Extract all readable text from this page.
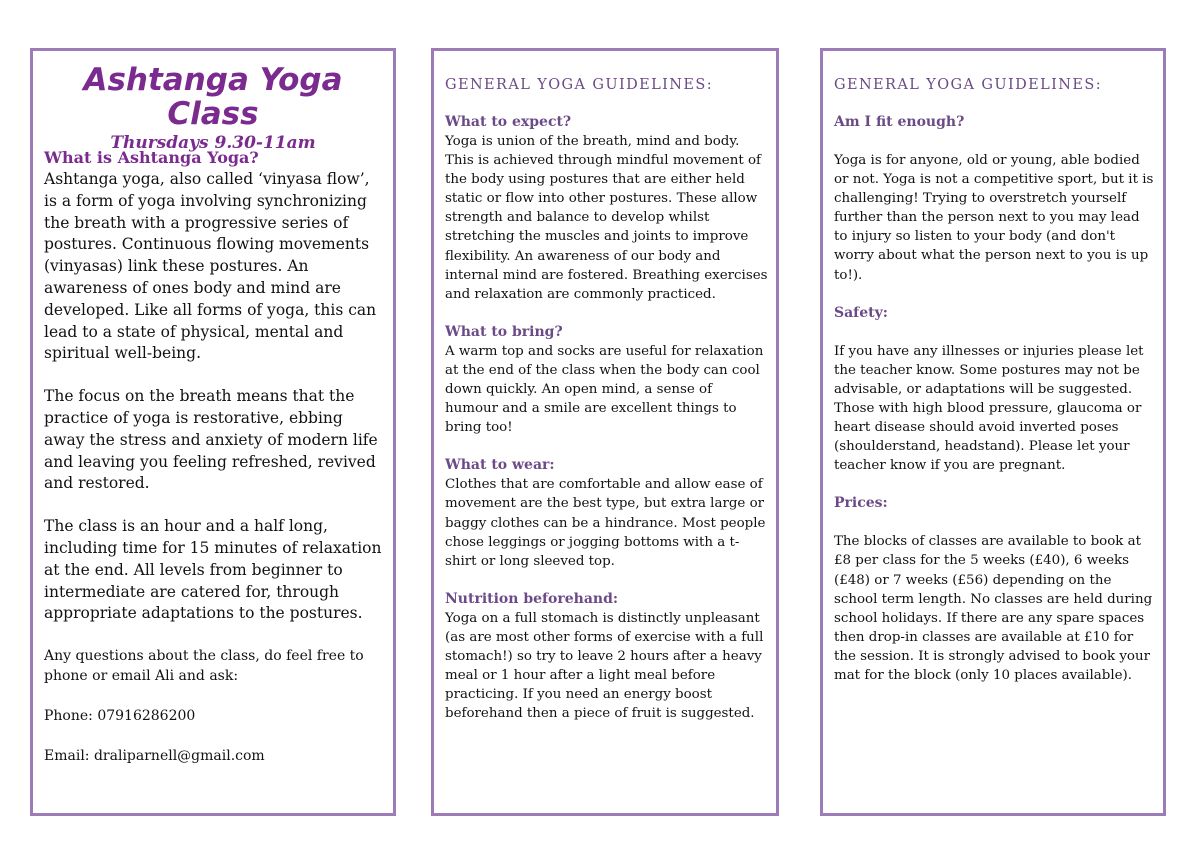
Ashtanga Yoga Class
Thursdays 9.30-11am
What is Ashtanga Yoga?

Ashtanga yoga, also called ‘vinyasa flow’, is a form of yoga involving synchronizing the breath with a progressive series of postures. Continuous flowing movements (vinyasas) link these postures. An awareness of ones body and mind are developed. Like all forms of yoga, this can lead to a state of physical, mental and spiritual well-being.

The focus on the breath means that the practice of yoga is restorative, ebbing away the stress and anxiety of modern life and leaving you feeling refreshed, revived and restored.

The class is an hour and a half long, including time for 15 minutes of relaxation at the end. All levels from beginner to intermediate are catered for, through appropriate adaptations to the postures.

Any questions about the class, do feel free to phone or email Ali and ask:

Phone: 07916286200

Email: draliparnell@gmail.com

GENERAL YOGA GUIDELINES:
What to expect?

Yoga is union of the breath, mind and body. This is achieved through mindful movement of the body using postures that are either held static or flow into other postures. These allow strength and balance to develop whilst stretching the muscles and joints to improve flexibility. An awareness of our body and internal mind are fostered. Breathing exercises and relaxation are commonly practiced.

What to bring?

A warm top and socks are useful for relaxation at the end of the class when the body can cool down quickly. An open mind, a sense of humour and a smile are excellent things to bring too!

What to wear:

Clothes that are comfortable and allow ease of movement are the best type, but extra large or baggy clothes can be a hindrance. Most people chose leggings or jogging bottoms with a t-shirt or long sleeved top.

Nutrition beforehand:

Yoga on a full stomach is distinctly unpleasant (as are most other forms of exercise with a full stomach!) so try to leave 2 hours after a heavy meal or 1 hour after a light meal before practicing. If you need an energy boost beforehand then a piece of fruit is suggested.

GENERAL YOGA GUIDELINES:
Am I fit enough?

Yoga is for anyone, old or young, able bodied or not. Yoga is not a competitive sport, but it is challenging! Trying to overstretch yourself further than the person next to you may lead to injury so listen to your body (and don't worry about what the person next to you is up to!).

Safety:

If you have any illnesses or injuries please let the teacher know. Some postures may not be advisable, or adaptations will be suggested. Those with high blood pressure, glaucoma or heart disease should avoid inverted poses (shoulderstand, headstand). Please let your teacher know if you are pregnant.

Prices:

The blocks of classes are available to book at £8 per class for the 5 weeks (£40), 6 weeks (£48) or 7 weeks (£56) depending on the school term length. No classes are held during school holidays. If there are any spare spaces then drop-in classes are available at £10 for the session. It is strongly advised to book your mat for the block (only 10 places available).
